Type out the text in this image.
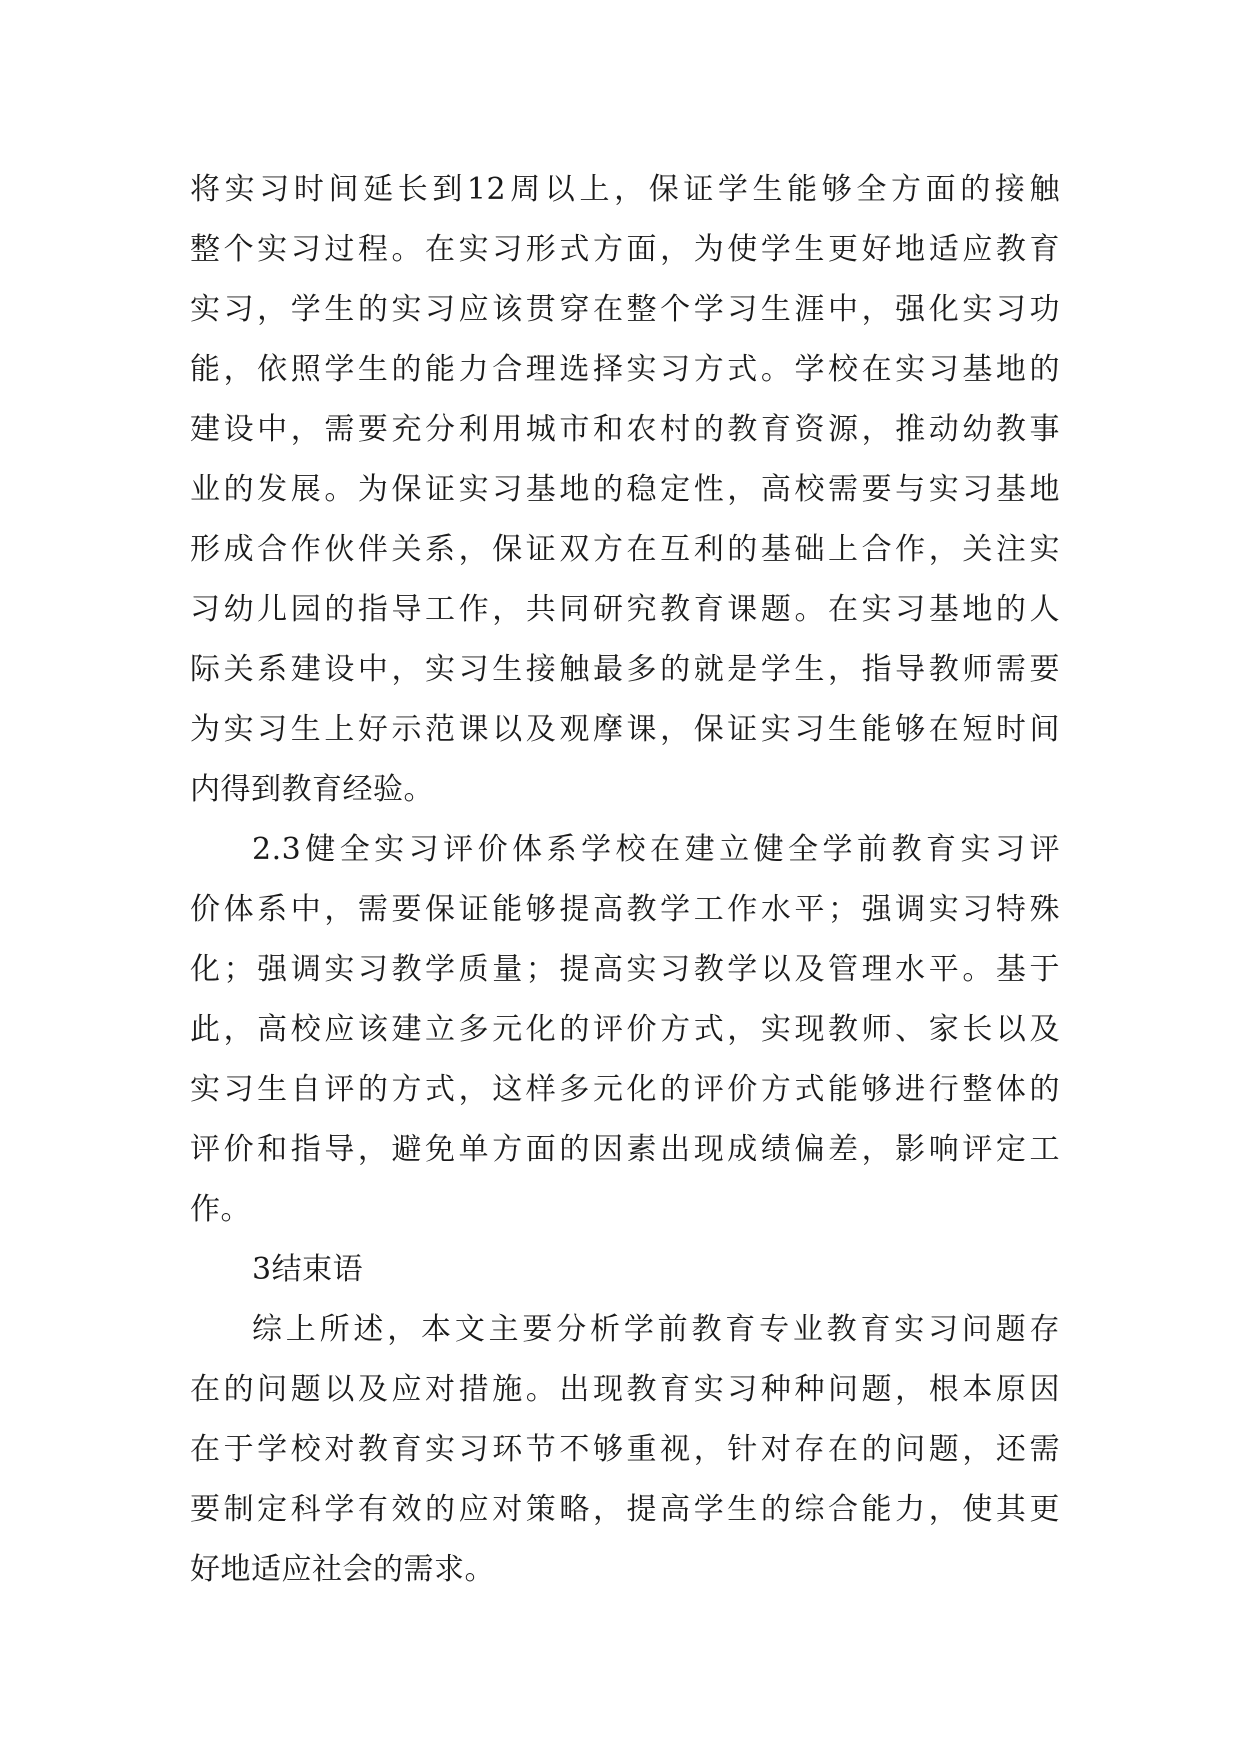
将实习时间延长到12周以上，保证学生能够全方面的接触
整个实习过程。在实习形式方面，为使学生更好地适应教育
实习，学生的实习应该贯穿在整个学习生涯中，强化实习功
能，依照学生的能力合理选择实习方式。学校在实习基地的
建设中，需要充分利用城市和农村的教育资源，推动幼教事
业的发展。为保证实习基地的稳定性，高校需要与实习基地
形成合作伙伴关系，保证双方在互利的基础上合作，关注实
习幼儿园的指导工作，共同研究教育课题。在实习基地的人
际关系建设中，实习生接触最多的就是学生，指导教师需要
为实习生上好示范课以及观摩课，保证实习生能够在短时间
内得到教育经验。
2.3健全实习评价体系学校在建立健全学前教育实习评
价体系中，需要保证能够提高教学工作水平；强调实习特殊
化；强调实习教学质量；提高实习教学以及管理水平。基于
此，高校应该建立多元化的评价方式，实现教师、家长以及
实习生自评的方式，这样多元化的评价方式能够进行整体的
评价和指导，避免单方面的因素出现成绩偏差，影响评定工
作。
3结束语
综上所述，本文主要分析学前教育专业教育实习问题存
在的问题以及应对措施。出现教育实习种种问题，根本原因
在于学校对教育实习环节不够重视，针对存在的问题，还需
要制定科学有效的应对策略，提高学生的综合能力，使其更
好地适应社会的需求。
